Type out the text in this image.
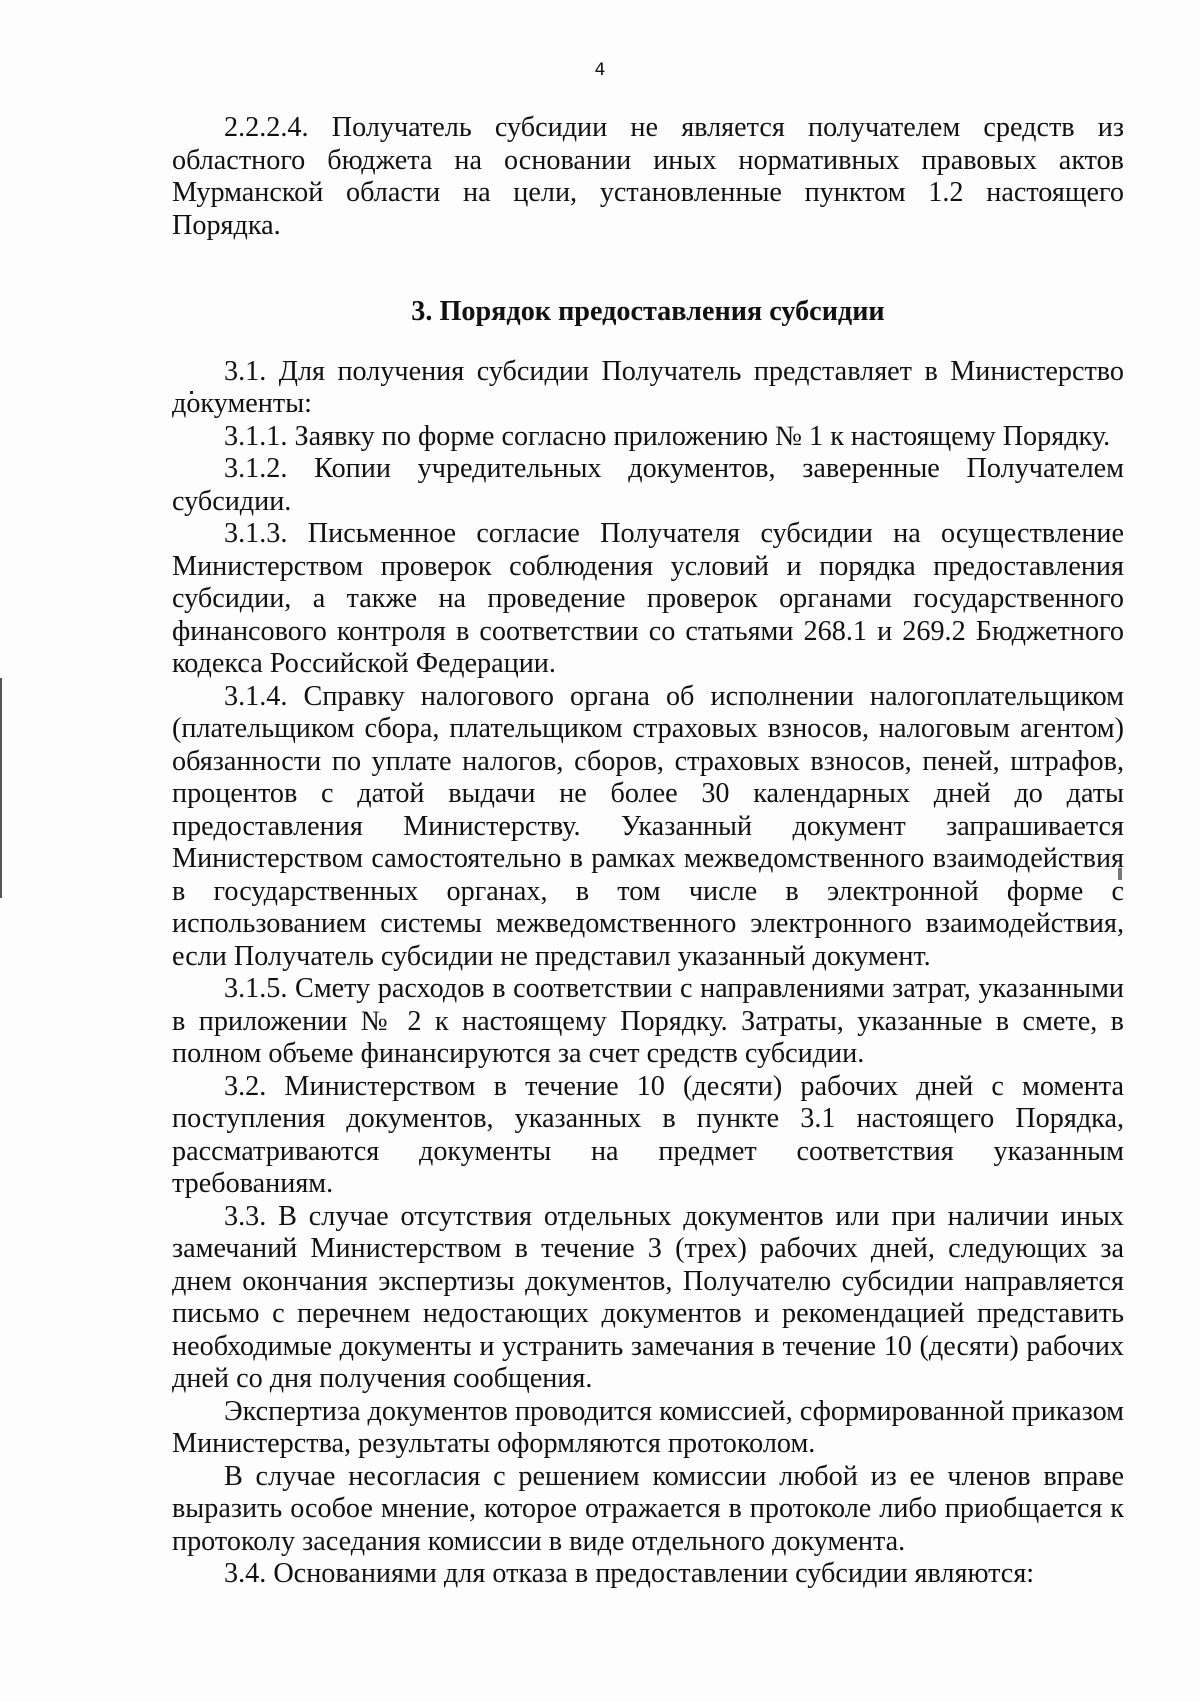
4

2.2.2.4. Получатель субсидии не является получателем средств из областного бюджета на основании иных нормативных правовых актов Мурманской области на цели, установленные пунктом 1.2 настоящего Порядка.

3. Порядок предоставления субсидии

3.1. Для получения субсидии Получатель представляет в Министерство документы:

3.1.1. Заявку по форме согласно приложению № 1 к настоящему Порядку.

3.1.2. Копии учредительных документов, заверенные Получателем субсидии.

3.1.3. Письменное согласие Получателя субсидии на осуществление Министерством проверок соблюдения условий и порядка предоставления субсидии, а также на проведение проверок органами государственного финансового контроля в соответствии со статьями 268.1 и 269.2 Бюджетного кодекса Российской Федерации.

3.1.4. Справку налогового органа об исполнении налогоплательщиком (плательщиком сбора, плательщиком страховых взносов, налоговым агентом) обязанности по уплате налогов, сборов, страховых взносов, пеней, штрафов, процентов с датой выдачи не более 30 календарных дней до даты предоставления Министерству. Указанный документ запрашивается Министерством самостоятельно в рамках межведомственного взаимодействия в государственных органах, в том числе в электронной форме с использованием системы межведомственного электронного взаимодействия, если Получатель субсидии не представил указанный документ.

3.1.5. Смету расходов в соответствии с направлениями затрат, указанными в приложении № 2 к настоящему Порядку. Затраты, указанные в смете, в полном объеме финансируются за счет средств субсидии.

3.2. Министерством в течение 10 (десяти) рабочих дней с момента поступления документов, указанных в пункте 3.1 настоящего Порядка, рассматриваются документы на предмет соответствия указанным требованиям.

3.3. В случае отсутствия отдельных документов или при наличии иных замечаний Министерством в течение 3 (трех) рабочих дней, следующих за днем окончания экспертизы документов, Получателю субсидии направляется письмо с перечнем недостающих документов и рекомендацией представить необходимые документы и устранить замечания в течение 10 (десяти) рабочих дней со дня получения сообщения.

Экспертиза документов проводится комиссией, сформированной приказом Министерства, результаты оформляются протоколом.

В случае несогласия с решением комиссии любой из ее членов вправе выразить особое мнение, которое отражается в протоколе либо приобщается к протоколу заседания комиссии в виде отдельного документа.

3.4. Основаниями для отказа в предоставлении субсидии являются:
